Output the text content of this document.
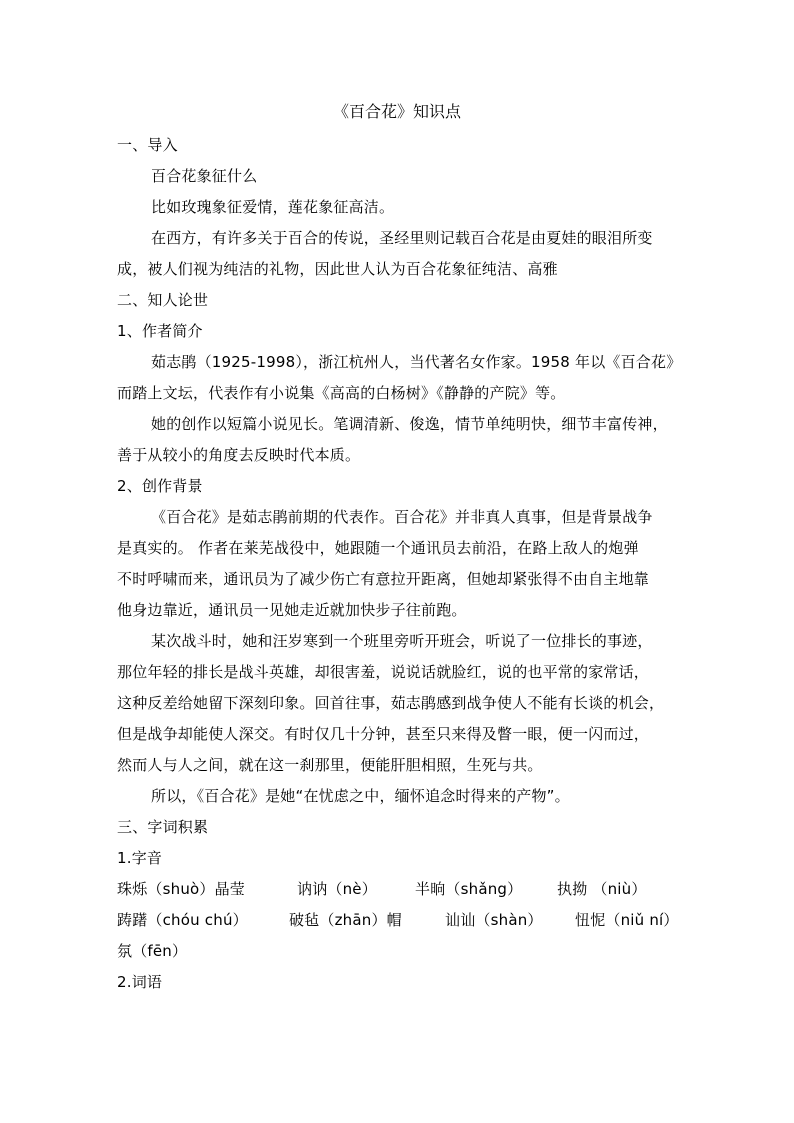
《百合花》知识点
一、导入
百合花象征什么
比如玫瑰象征爱情，莲花象征高洁。
在西方，有许多关于百合的传说，圣经里则记载百合花是由夏娃的眼泪所变
成，被人们视为纯洁的礼物，因此世人认为百合花象征纯洁、高雅
二、知人论世
1、作者简介
茹志鹃（1925-1998），浙江杭州人，当代著名女作家。1958 年以《百合花》
而踏上文坛，代表作有小说集《高高的白杨树》《静静的产院》等。
她的创作以短篇小说见长。笔调清新、俊逸，情节单纯明快，细节丰富传神，
善于从较小的角度去反映时代本质。
2、创作背景
《百合花》是茹志鹃前期的代表作。百合花》并非真人真事，但是背景战争
是真实的。 作者在莱芜战役中，她跟随一个通讯员去前沿，在路上敌人的炮弹
不时呼啸而来，通讯员为了减少伤亡有意拉开距离，但她却紧张得不由自主地靠
他身边靠近，通讯员一见她走近就加快步子往前跑。
某次战斗时，她和汪岁寒到一个班里旁听开班会，听说了一位排长的事迹，
那位年轻的排长是战斗英雄，却很害羞，说说话就脸红，说的也平常的家常话，
这种反差给她留下深刻印象。回首往事，茹志鹃感到战争使人不能有长谈的机会，
但是战争却能使人深交。有时仅几十分钟，甚至只来得及瞥一眼，便一闪而过，
然而人与人之间，就在这一刹那里，便能肝胆相照，生死与共。
所以，《百合花》是她“在忧虑之中，缅怀追念时得来的产物”。
三、字词积累
1.字音
珠烁（shuò）晶莹	讷讷（nè）	半晌（shǎng） 执拗 （niù）
踌躇（chóu chú）	破毡（zhān）帽	讪讪（shàn） 忸怩（niǔ ní）
氛（fēn）
2.词语
